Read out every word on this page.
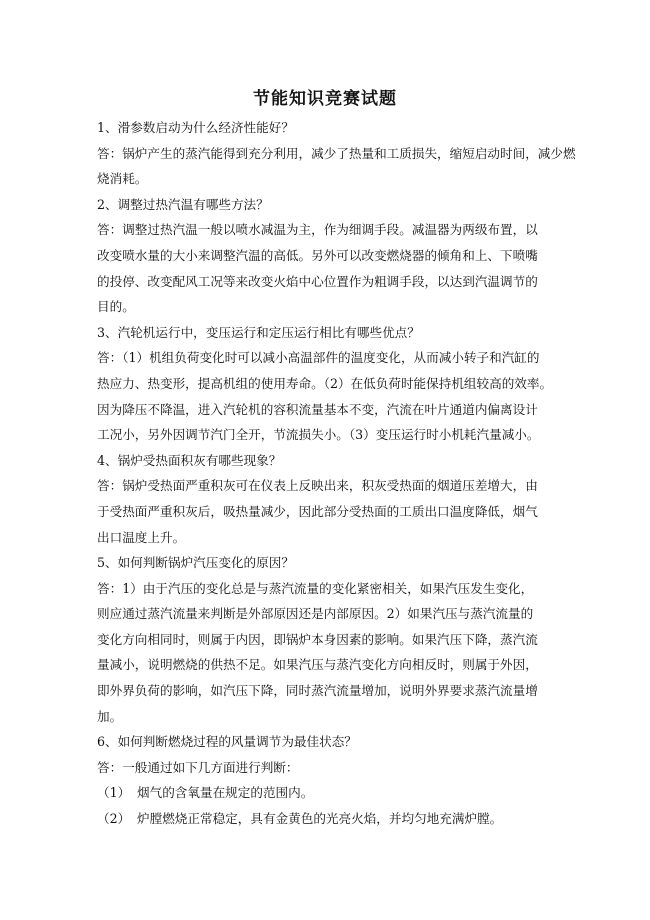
节能知识竞赛试题
1、滑参数启动为什么经济性能好？
答：锅炉产生的蒸汽能得到充分利用，减少了热量和工质损失，缩短启动时间，减少燃
烧消耗。
2、调整过热汽温有哪些方法？
答：调整过热汽温一般以喷水减温为主，作为细调手段。减温器为两级布置，以
改变喷水量的大小来调整汽温的高低。另外可以改变燃烧器的倾角和上、下喷嘴
的投停、改变配风工况等来改变火焰中心位置作为粗调手段，以达到汽温调节的
目的。
3、汽轮机运行中，变压运行和定压运行相比有哪些优点？
答：（1）机组负荷变化时可以减小高温部件的温度变化，从而减小转子和汽缸的
热应力、热变形，提高机组的使用寿命。（2）在低负荷时能保持机组较高的效率。
因为降压不降温，进入汽轮机的容积流量基本不变，汽流在叶片通道内偏离设计
工况小，另外因调节汽门全开，节流损失小。（3）变压运行时小机耗汽量减小。
4、锅炉受热面积灰有哪些现象？
答：锅炉受热面严重积灰可在仪表上反映出来，积灰受热面的烟道压差增大，由
于受热面严重积灰后，吸热量减少，因此部分受热面的工质出口温度降低，烟气
出口温度上升。
5、如何判断锅炉汽压变化的原因？
答：1）由于汽压的变化总是与蒸汽流量的变化紧密相关，如果汽压发生变化，
则应通过蒸汽流量来判断是外部原因还是内部原因。2）如果汽压与蒸汽流量的
变化方向相同时，则属于内因，即锅炉本身因素的影响。如果汽压下降，蒸汽流
量减小，说明燃烧的供热不足。如果汽压与蒸汽变化方向相反时，则属于外因，
即外界负荷的影响，如汽压下降，同时蒸汽流量增加，说明外界要求蒸汽流量增
加。
6、如何判断燃烧过程的风量调节为最佳状态？
答：一般通过如下几方面进行判断：
（1） 烟气的含氧量在规定的范围内。
（2） 炉膛燃烧正常稳定，具有金黄色的光亮火焰，并均匀地充满炉膛。
